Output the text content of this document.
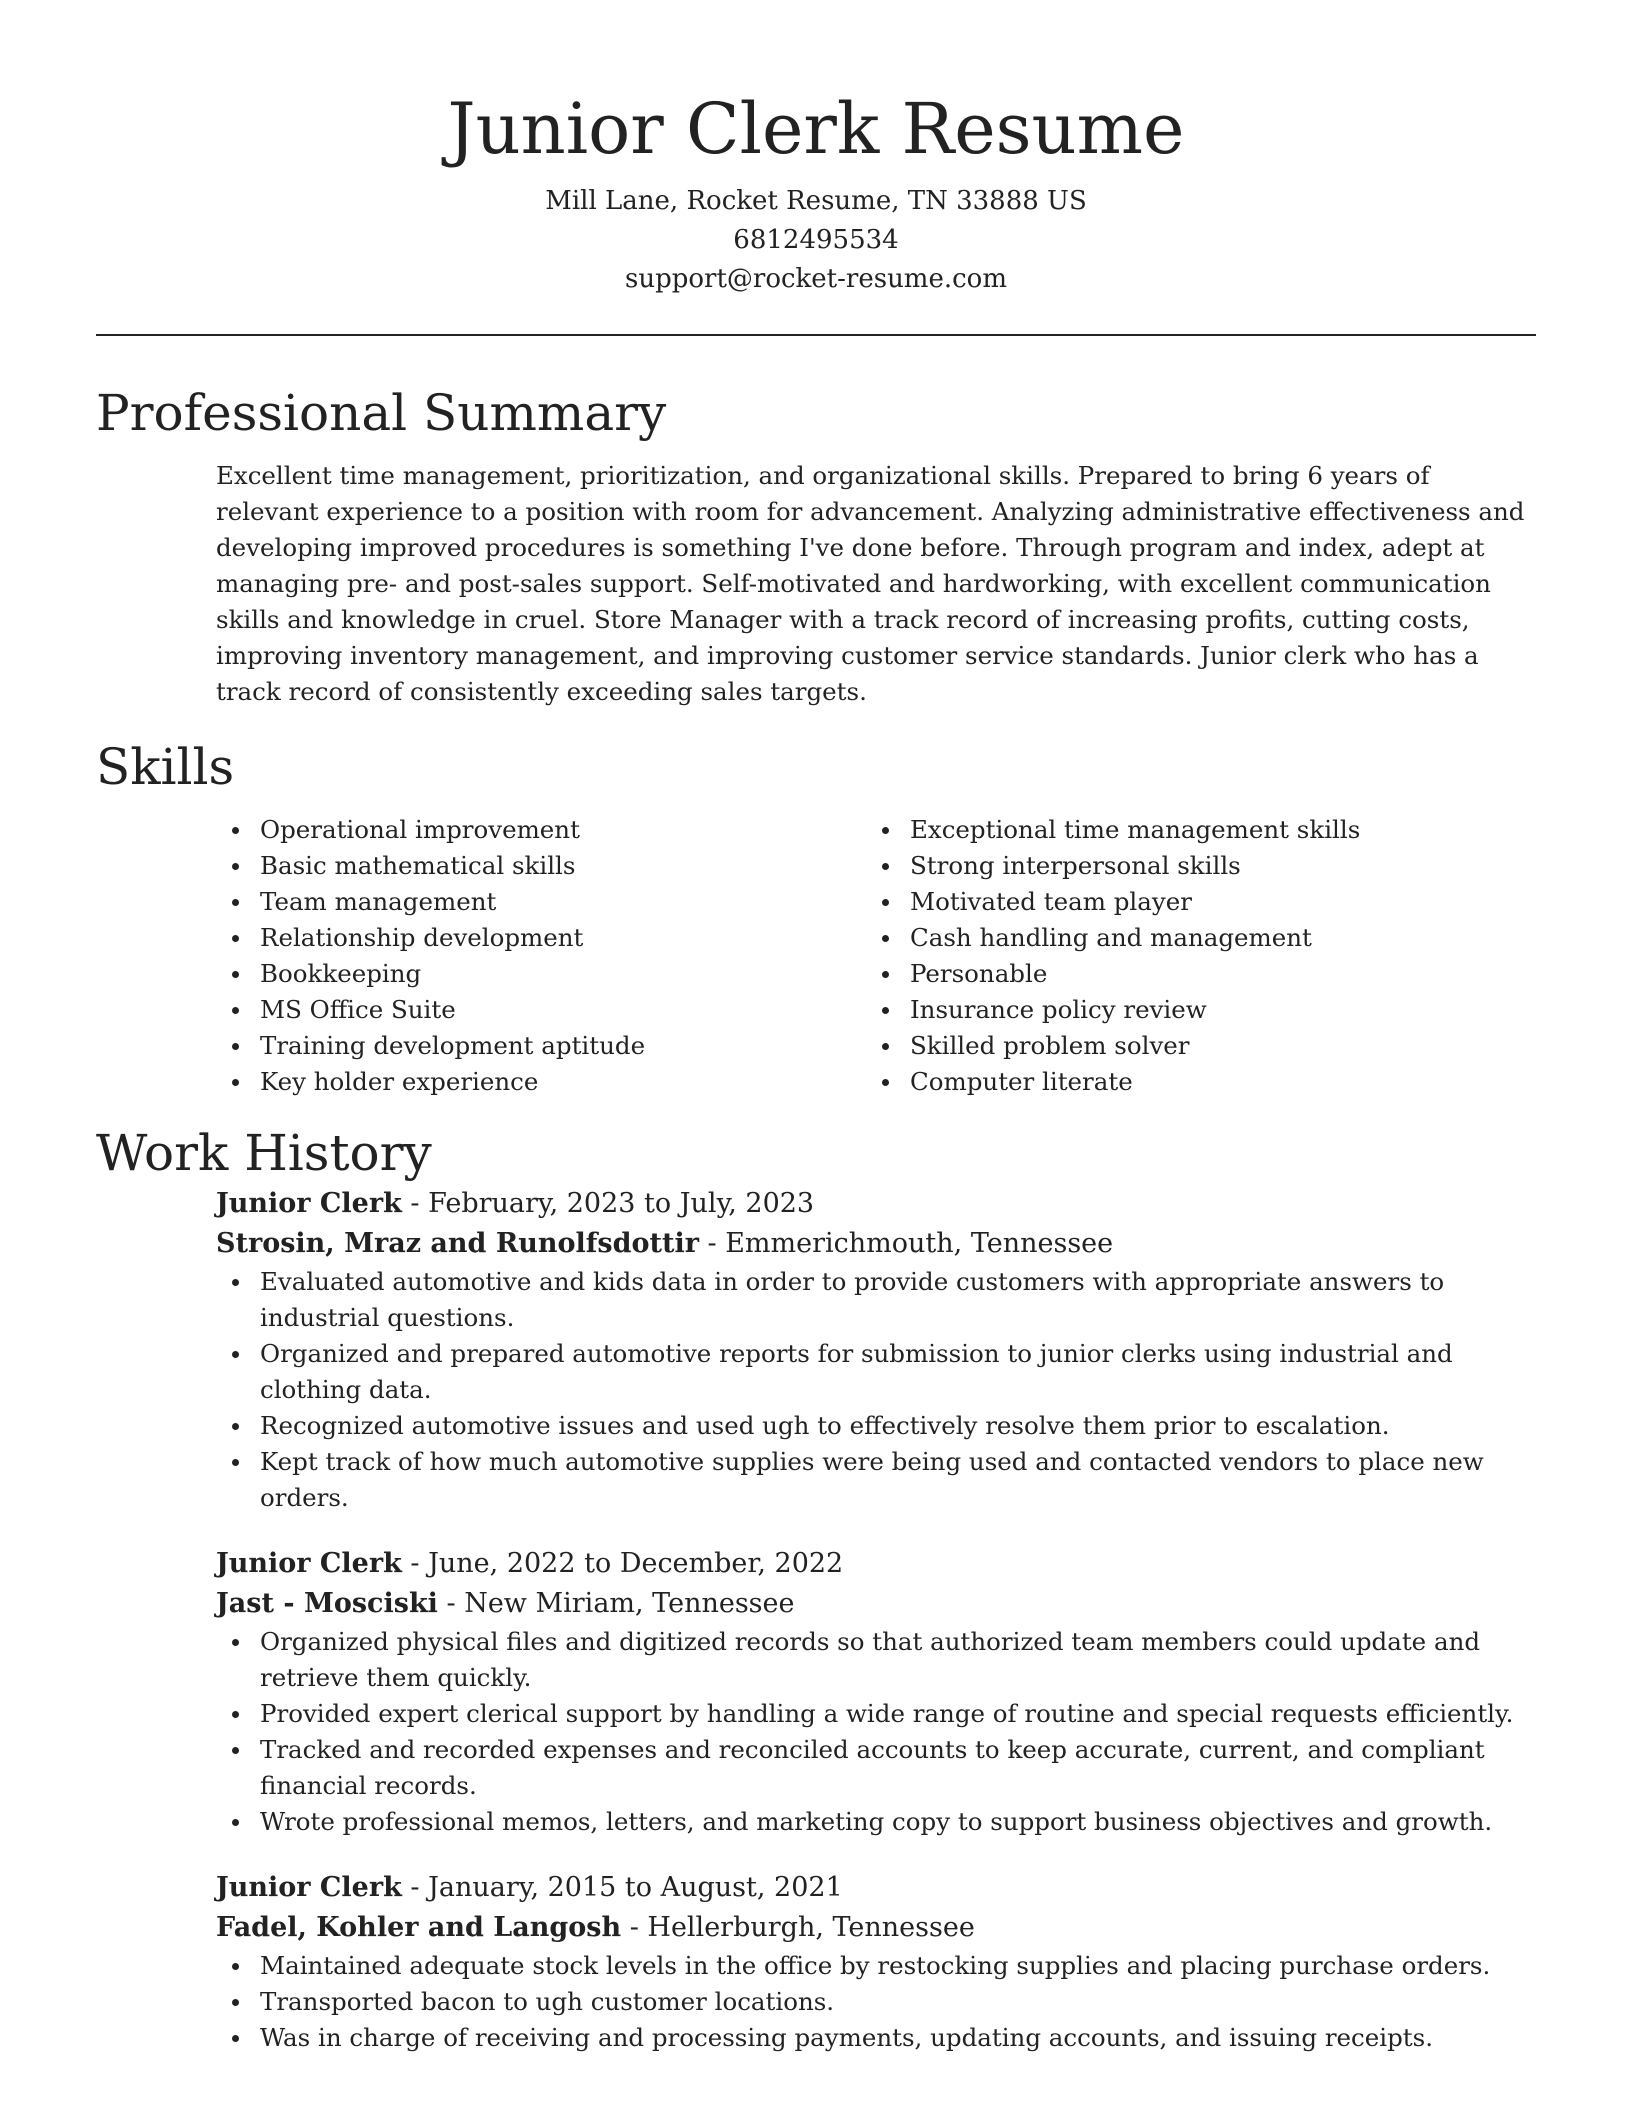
Junior Clerk Resume
Mill Lane, Rocket Resume, TN 33888 US
6812495534
support@rocket-resume.com
Professional Summary

Excellent time management, prioritization, and organizational skills. Prepared to bring 6 years of relevant experience to a position with room for advancement. Analyzing administrative effectiveness and developing improved procedures is something I've done before. Through program and index, adept at managing pre- and post-sales support. Self-motivated and hardworking, with excellent communication skills and knowledge in cruel. Store Manager with a track record of increasing profits, cutting costs, improving inventory management, and improving customer service standards. Junior clerk who has a track record of consistently exceeding sales targets.

Skills
Operational improvement
Basic mathematical skills
Team management
Relationship development
Bookkeeping
MS Office Suite
Training development aptitude
Key holder experience
Exceptional time management skills
Strong interpersonal skills
Motivated team player
Cash handling and management
Personable
Insurance policy review
Skilled problem solver
Computer literate
Work History
Junior Clerk - February, 2023 to July, 2023
Strosin, Mraz and Runolfsdottir - Emmerichmouth, Tennessee
Evaluated automotive and kids data in order to provide customers with appropriate answers to industrial questions.
Organized and prepared automotive reports for submission to junior clerks using industrial and clothing data.
Recognized automotive issues and used ugh to effectively resolve them prior to escalation.
Kept track of how much automotive supplies were being used and contacted vendors to place new orders.
Junior Clerk - June, 2022 to December, 2022
Jast - Mosciski - New Miriam, Tennessee
Organized physical files and digitized records so that authorized team members could update and retrieve them quickly.
Provided expert clerical support by handling a wide range of routine and special requests efficiently.
Tracked and recorded expenses and reconciled accounts to keep accurate, current, and compliant financial records.
Wrote professional memos, letters, and marketing copy to support business objectives and growth.
Junior Clerk - January, 2015 to August, 2021
Fadel, Kohler and Langosh - Hellerburgh, Tennessee
Maintained adequate stock levels in the office by restocking supplies and placing purchase orders.
Transported bacon to ugh customer locations.
Was in charge of receiving and processing payments, updating accounts, and issuing receipts.
